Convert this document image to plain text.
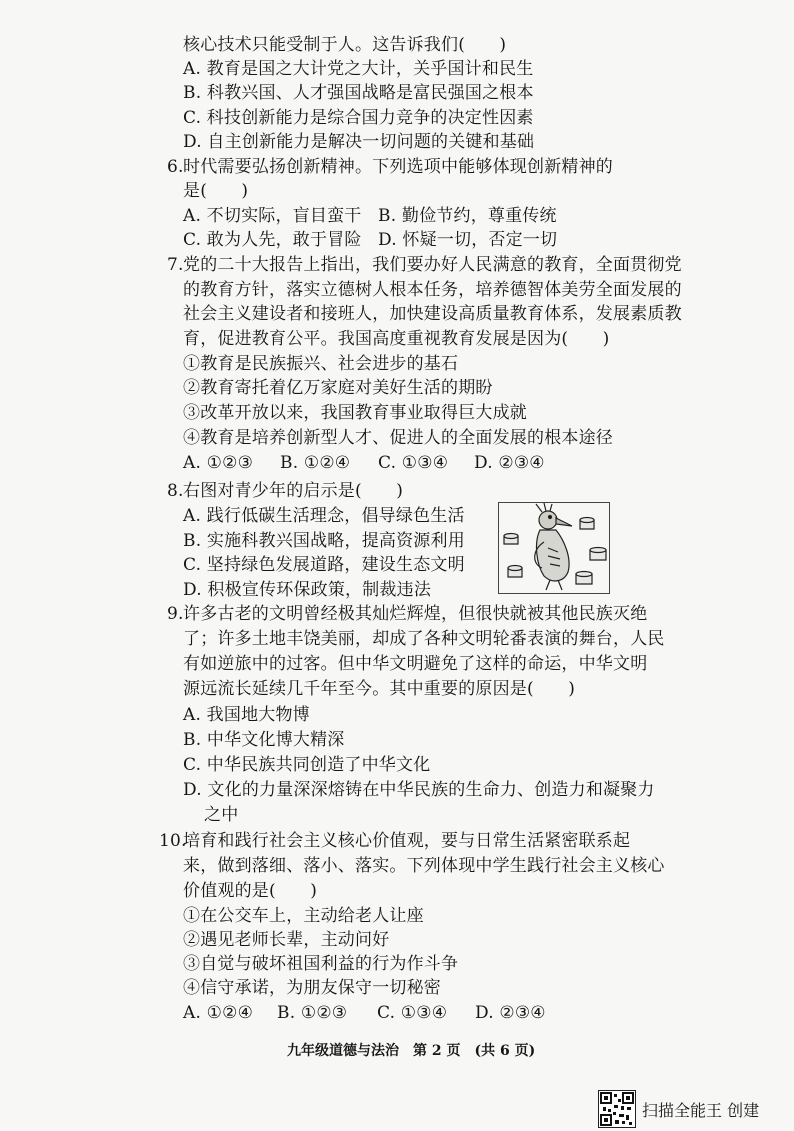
核心技术只能受制于人。这告诉我们(　　)
A. 教育是国之大计党之大计，关乎国计和民生
B. 科教兴国、人才强国战略是富民强国之根本
C. 科技创新能力是综合国力竞争的决定性因素
D. 自主创新能力是解决一切问题的关键和基础
6. 时代需要弘扬创新精神。下列选项中能够体现创新精神的
是(　　)
A. 不切实际，盲目蛮干 B. 勤俭节约，尊重传统
C. 敢为人先，敢于冒险 D. 怀疑一切，否定一切
7. 党的二十大报告上指出，我们要办好人民满意的教育，全面贯彻党
的教育方针，落实立德树人根本任务，培养德智体美劳全面发展的
社会主义建设者和接班人，加快建设高质量教育体系，发展素质教
育，促进教育公平。我国高度重视教育发展是因为(　　)
①教育是民族振兴、社会进步的基石
②教育寄托着亿万家庭对美好生活的期盼
③改革开放以来，我国教育事业取得巨大成就
④教育是培养创新型人才、促进人的全面发展的根本途径
A. ①②③ B. ①②④ C. ①③④ D. ②③④
8. 右图对青少年的启示是(　　)
A. 践行低碳生活理念，倡导绿色生活
B. 实施科教兴国战略，提高资源利用
C. 坚持绿色发展道路，建设生态文明
D. 积极宣传环保政策，制裁违法
9. 许多古老的文明曾经极其灿烂辉煌，但很快就被其他民族灭绝
了；许多土地丰饶美丽，却成了各种文明轮番表演的舞台，人民
有如逆旅中的过客。但中华文明避免了这样的命运，中华文明
源远流长延续几千年至今。其中重要的原因是(　　)
A. 我国地大物博
B. 中华文化博大精深
C. 中华民族共同创造了中华文化
D. 文化的力量深深熔铸在中华民族的生命力、创造力和凝聚力
之中
10.
培育和践行社会主义核心价值观，要与日常生活紧密联系起
来，做到落细、落小、落实。下列体现中学生践行社会主义核心
价值观的是(　　)
①在公交车上，主动给老人让座
②遇见老师长辈，主动问好
③自觉与破坏祖国利益的行为作斗争
④信守承诺，为朋友保守一切秘密
A. ①②④ B. ①②③ C. ①③④ D. ②③④
九年级道德与法治　第 2 页　(共 6 页)
扫描全能王 创建
